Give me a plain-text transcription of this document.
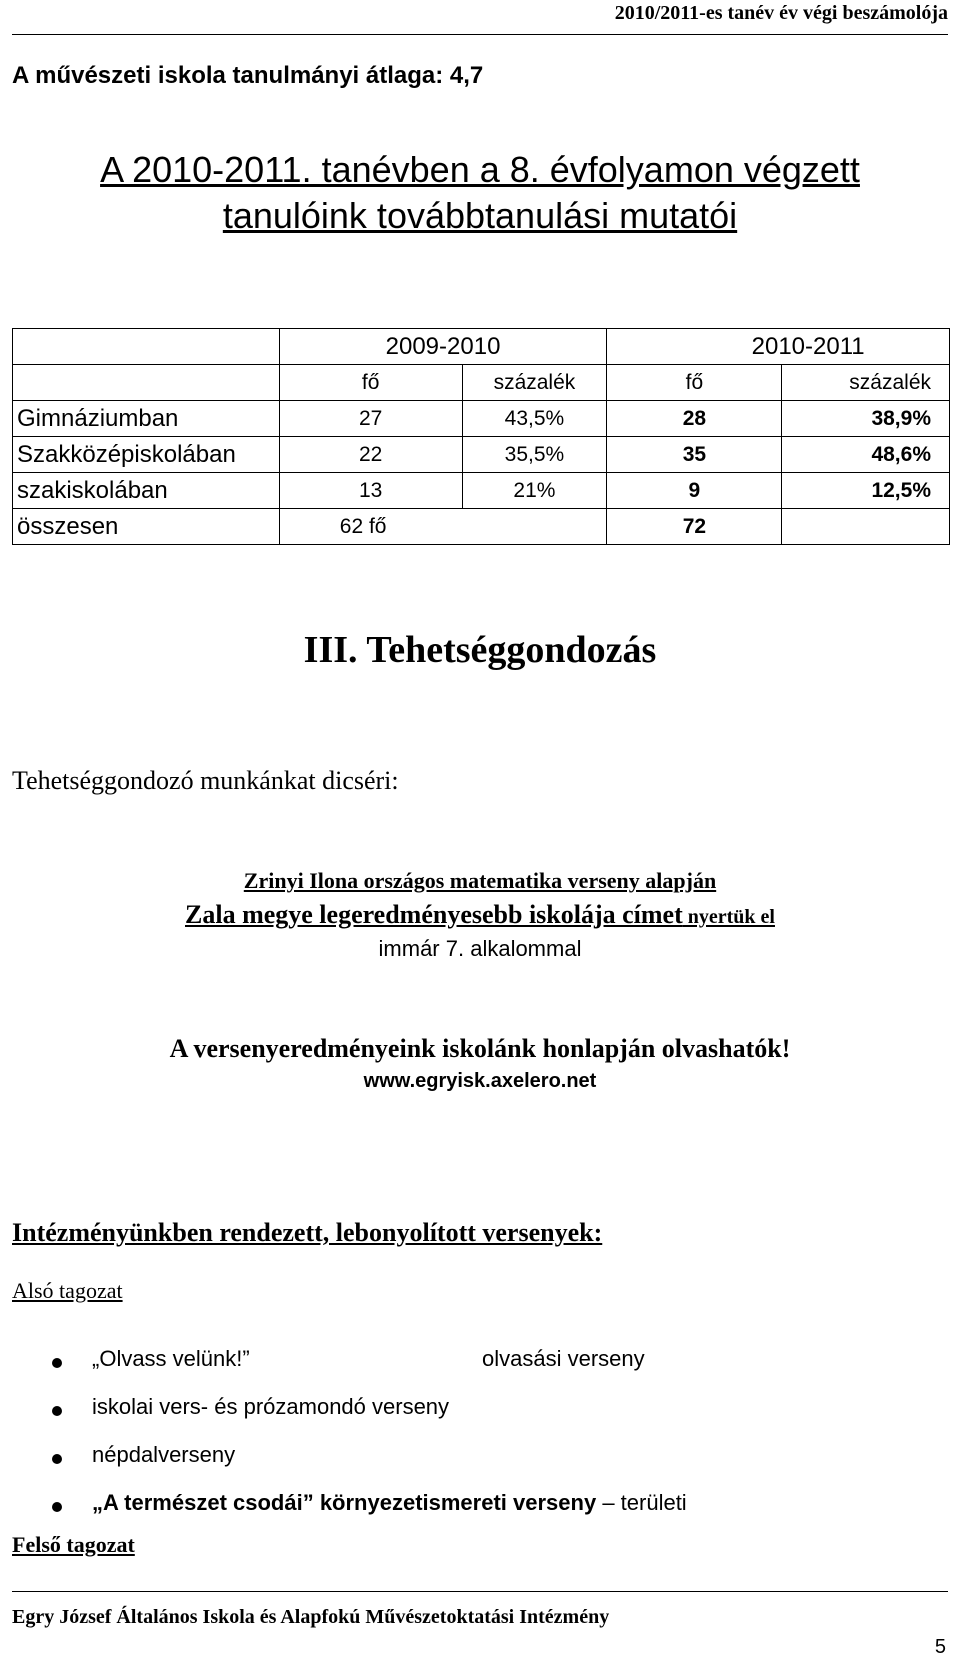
2010/2011-es tanév év végi beszámolója
A művészeti iskola tanulmányi átlaga: 4,7
A 2010-2011. tanévben a 8. évfolyamon végzett
tanulóink továbbtanulási mutatói
	2009-2010		2010-2011	
	fő	százalék	fő	százalék
Gimnáziumban	27	43,5%	28	38,9%
Szakközépiskolában	22	35,5%	35	48,6%
szakiskolában	13	21%	9	12,5%
összesen	62 fő		72	
III. Tehetséggondozás
Tehetséggondozó munkánkat dicséri:
Zrinyi Ilona országos matematika verseny alapján
Zala megye legeredményesebb iskolája címet nyertük el
immár 7. alkalommal
A versenyeredményeink iskolánk honlapján olvashatók!
www.egryisk.axelero.net
Intézményünkben rendezett, lebonyolított versenyek:
Alsó tagozat
„Olvass velünk!”	olvasási verseny
iskolai vers- és prózamondó verseny
népdalverseny
„A természet csodái” környezetismereti verseny – területi
Felső tagozat
Egry József Általános Iskola és Alapfokú Művészetoktatási Intézmény
5
